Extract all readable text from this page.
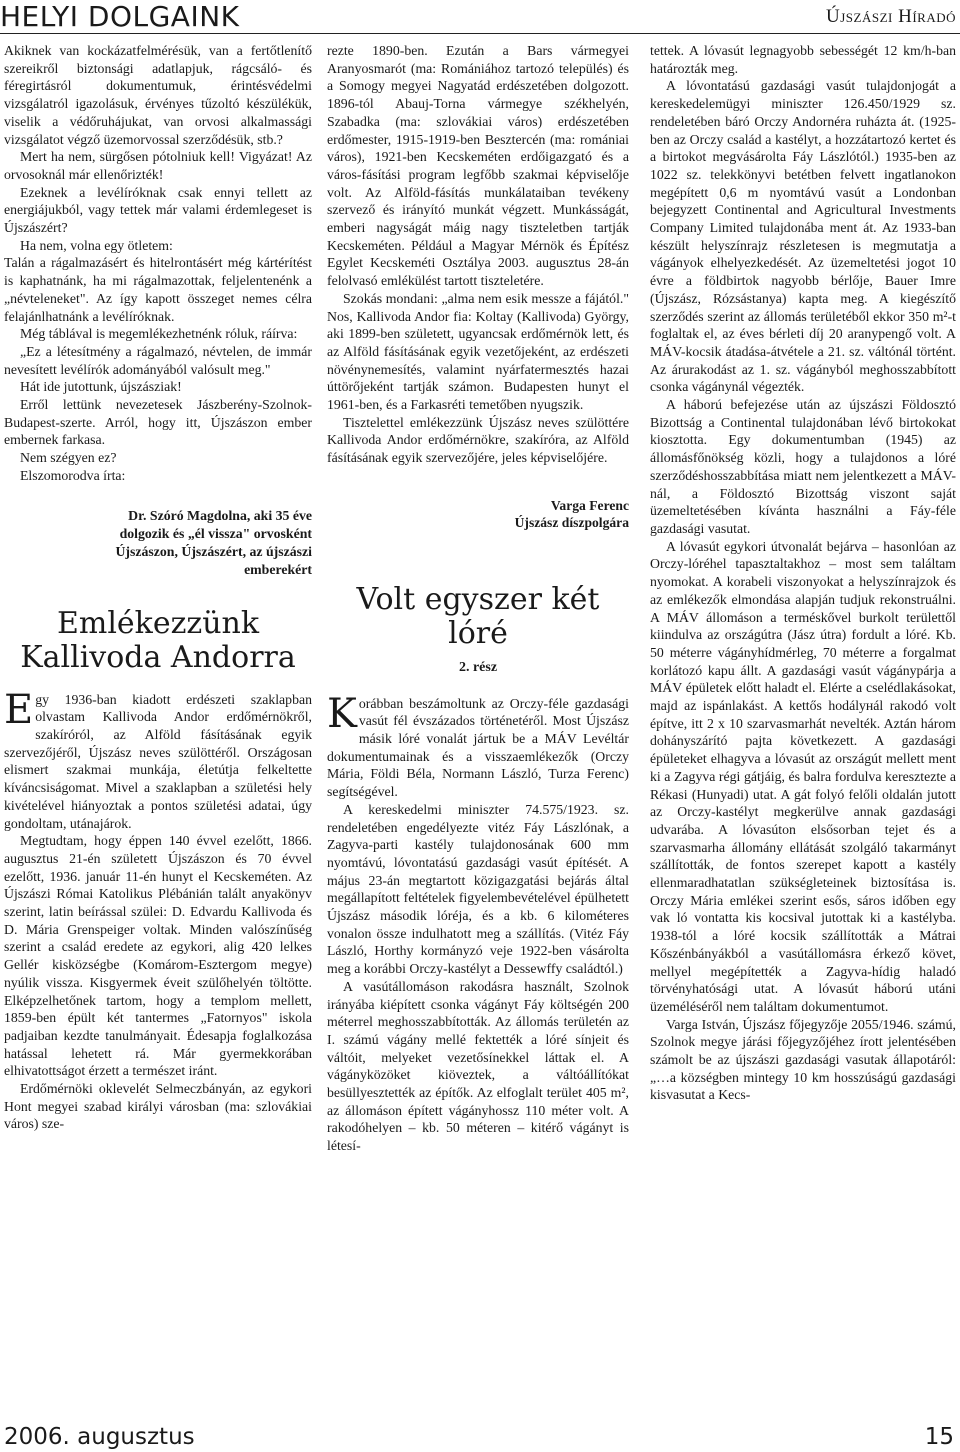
HELYI DOLGAINK	Újszászi Híradó

Akiknek van kockázatfelmérésük, van a fertőtlenítő szereikről biztonsági adatlapjuk, rágcsáló- és féregirtásról dokumentumuk, érintésvédelmi vizsgálatról igazolásuk, érvényes tűzoltó készülékük, viselik a védőruhájukat, van orvosi alkalmassági vizsgálatot végző üzemorvossal szerződésük, stb.?

Mert ha nem, sürgősen pótolniuk kell! Vigyázat! Az orvosoknál már ellenőrizték!

Ezeknek a levélíróknak csak ennyi tellett az energiájukból, vagy tettek már valami érdemlegeset is Újszászért?

Ha nem, volna egy ötletem:

Talán a rágalmazásért és hitelrontásért még kártérítést is kaphatnánk, ha mi rágalmazottak, feljelentenénk a „névteleneket". Az így kapott összeget nemes célra felajánlhatnánk a levélíróknak.

Még táblával is megemlékezhetnénk róluk, ráírva:

„Ez a létesítmény a rágalmazó, névtelen, de immár nevesített levélírók adományából valósult meg."

Hát ide jutottunk, újszásziak!

Erről lettünk nevezetesek Jászberény-Szolnok-Budapest-szerte. Arról, hogy itt, Újszászon ember embernek farkasa.

Nem szégyen ez?

Elszomorodva írta:

Dr. Szóró Magdolna, aki 35 éve dolgozik és „él vissza" orvosként Újszászon, Újszászért, az újszászi emberekért

Emlékezzünk Kallivoda Andorra

Egy 1936-ban kiadott erdészeti szaklapban olvastam Kallivoda Andor erdőmérnökről, szakíróról, az Alföld fásításának egyik szervezőjéről, Újszász neves szülöttéről. Országosan elismert szakmai munkája, életútja felkeltette kíváncsiságomat. Mivel a szaklapban a születési hely kivételével hiányoztak a pontos születési adatai, úgy gondoltam, utánajárok.

Megtudtam, hogy éppen 140 évvel ezelőtt, 1866. augusztus 21-én született Újszászon és 70 évvel ezelőtt, 1936. január 11-én hunyt el Kecskeméten. Az Újszászi Római Katolikus Plébánián talált anyakönyv szerint, latin beírással szülei: D. Edvardu Kallivoda és D. Mária Grenspeiger voltak. Minden valószínűség szerint a család eredete az egykori, alig 420 lelkes Gellér kisközségbe (Komárom-Esztergom megye) nyúlik vissza. Kisgyermek éveit szülőhelyén töltötte. Elképzelhetőnek tartom, hogy a templom mellett, 1859-ben épült két tantermes „Fatornyos" iskola padjaiban kezdte tanulmányait. Édesapja foglalkozása hatással lehetett rá. Már gyermekkorában elhivatottságot érzett a természet iránt.

Erdőmérnöki oklevelét Selmeczbányán, az egykori Hont megyei szabad királyi városban (ma: szlovákiai város) sze-

rezte 1890-ben. Ezután a Bars vármegyei Aranyosmarót (ma: Romániához tartozó település) és a Somogy megyei Nagyatád erdészetében dolgozott. 1896-tól Abauj-Torna vármegye székhelyén, Szabadka (ma: szlovákiai város) erdészetében erdőmester, 1915-1919-ben Besztercén (ma: romániai város), 1921-ben Kecskeméten erdőigazgató és a város-fásítási program legfőbb szakmai képviselője volt. Az Alföld-fásítás munkálataiban tevékeny szervező és irányító munkát végzett. Munkásságát, emberi nagyságát máig nagy tiszteletben tartják Kecskeméten. Például a Magyar Mérnök és Építész Egylet Kecskeméti Osztálya 2003. augusztus 28-án felolvasó emlékülést tartott tiszteletére.

Szokás mondani: „alma nem esik messze a fájától." Nos, Kallivoda Andor fia: Koltay (Kallivoda) György, aki 1899-ben született, ugyancsak erdőmérnök lett, és az Alföld fásításának egyik vezetőjeként, az erdészeti növénynemesítés, valamint nyárfatermesztés hazai úttörőjeként tartják számon. Budapesten hunyt el 1961-ben, és a Farkasréti temetőben nyugszik.

Tisztelettel emlékezzünk Újszász neves szülöttére Kallivoda Andor erdőmérnökre, szakíróra, az Alföld fásításának egyik szervezőjére, jeles képviselőjére.

Varga Ferenc
Újszász díszpolgára
Volt egyszer két lóré
2. rész

Korábban beszámoltunk az Orczy-féle gazdasági vasút fél évszázados történetéről. Most Újszász másik lóré vonalát jártuk be a MÁV Levéltár dokumentumainak és a visszaemlékezők (Orczy Mária, Földi Béla, Normann László, Turza Ferenc) segítségével.

A kereskedelmi miniszter 74.575/1923. sz. rendeletében engedélyezte vitéz Fáy Lászlónak, a Zagyva-parti kastély tulajdonosának 600 mm nyomtávú, lóvontatású gazdasági vasút építését. A május 23-án megtartott közigazgatási bejárás által megállapított feltételek figyelembevételével épülhetett Újszász második lóréja, és a kb. 6 kilométeres vonalon össze indulhatott meg a szállítás. (Vitéz Fáy László, Horthy kormányzó vejе 1922-ben vásárolta meg a korábbi Orczy-kastélyt a Dessewffy családtól.)

A vasútállomáson rakodásra használt, Szolnok irányába kiépített csonka vágányt Fáy költségén 200 méterrel meghosszabbították. Az állomás területén az I. számú vágány mellé fektették a lóré sínjeit és váltóit, melyeket vezetősínekkel láttak el. A vágányközöket kiöveztek, a váltóállítókat besüllyesztették az építők. Az elfoglalt terület 405 m², az állomáson épített vágányhossz 110 méter volt. A rakodóhelyen – kb. 50 méteren – kitérő vágányt is létesí-

tettek. A lóvasút legnagyobb sebességét 12 km/h-ban határozták meg.

A lóvontatású gazdasági vasút tulajdonjogát a kereskedelemügyi miniszter 126.450/1929 sz. rendeletében báró Orczy Andornéra ruházta át. (1925-ben az Orczy család a kastélyt, a hozzátartozó kertet és a birtokot megvásárolta Fáy Lászlótól.) 1935-ben az 1022 sz. telekkönyvi betétben felvett ingatlanokon megépített 0,6 m nyomtávú vasút a Londonban bejegyzett Continental and Agricultural Investments Company Limited tulajdonába ment át. Az 1933-ban készült helyszínrajz részletesen is megmutatja a vágányok elhelyezkedését. Az üzemeltetési jogot 10 évre a földbirtok nagyobb bérlője, Bauer Imre (Újszász, Rózsástanya) kapta meg. A kiegészítő szerződés szerint az állomás területéből ekkor 350 m²-t foglaltak el, az éves bérleti díj 20 aranypengő volt. A MÁV-kocsik átadása-átvétele a 21. sz. váltónál történt. Az árurakodást az 1. sz. vágányból meghosszabbított csonka vágánynál végezték.

A háború befejezése után az újszászi Földosztó Bizottság a Continental tulajdonában lévő birtokokat kiosztotta. Egy dokumentumban (1945) az állomásfőnökség közli, hogy a tulajdonos a lóré szerződéshosszabbítása miatt nem jelentkezett a MÁV-nál, a Földosztó Bizottság viszont saját üzemeltetésében kívánta használni a Fáy-féle gazdasági vasutat.

A lóvasút egykori útvonalát bejárva – hasonlóan az Orczy-lóréhel tapasztaltakhoz – most sem találtam nyomokat. A korabeli viszonyokat a helyszínrajzok és az emlékezők elmondása alapján tudjuk rekonstruálni. A MÁV állomáson a terméskővel burkolt területtől kiindulva az országútra (Jász útra) fordult a lóré. Kb. 50 méterre vágányhídmérleg, 70 méterre a forgalmat korlátozó kapu állt. A gazdasági vasút vágánypárja a MÁV épületek előtt haladt el. Elérte a cselédlakásokat, majd az ispánlakást. A kettős hodályнál rakodó volt építve, itt 2 x 10 szarvasmarhát nevelték. Aztán három dohányszárító pajta következett. A gazdasági épületeket elhagyva a lóvasút az országút mellett ment ki a Zagyva régi gátjáig, és balra fordulva keresztezte a Rékasi (Hunyadi) utat. A gát folyó felőli oldalán jutott az Orczy-kastélyt megkerülve annak gazdasági udvarába. A lóvasúton elsősorban tejet és a szarvasmarha állomány ellátását szolgáló takarmányt szállították, de fontos szerepet kapott a kastély ellenmaradhatatlan szükségleteinek biztosítása is. Orczy Mária emlékei szerint esős, sáros időben egy vak ló vontatta kis kocsival jutottak ki a kastélyba. 1938-tól a lóré kocsik szállították a Mátrai Kőszénbányákból a vasútállomásra érkező követ, mellyel megépítették a Zagyva-hídig haladó törvényhatósági utat. A lóvasút háború utáni üzeméléséről nem találtam dokumentumot.

Varga István, Újszász főjegyzője 2055/1946. számú, Szolnok megye járási főjegyzőjéhez írott jelentésében számolt be az újszászi gazdasági vasutak állapotáról: „…a községben mintegy 10 km hosszúságú gazdasági kisvasutat a Kecs-

2006. augusztus	15
